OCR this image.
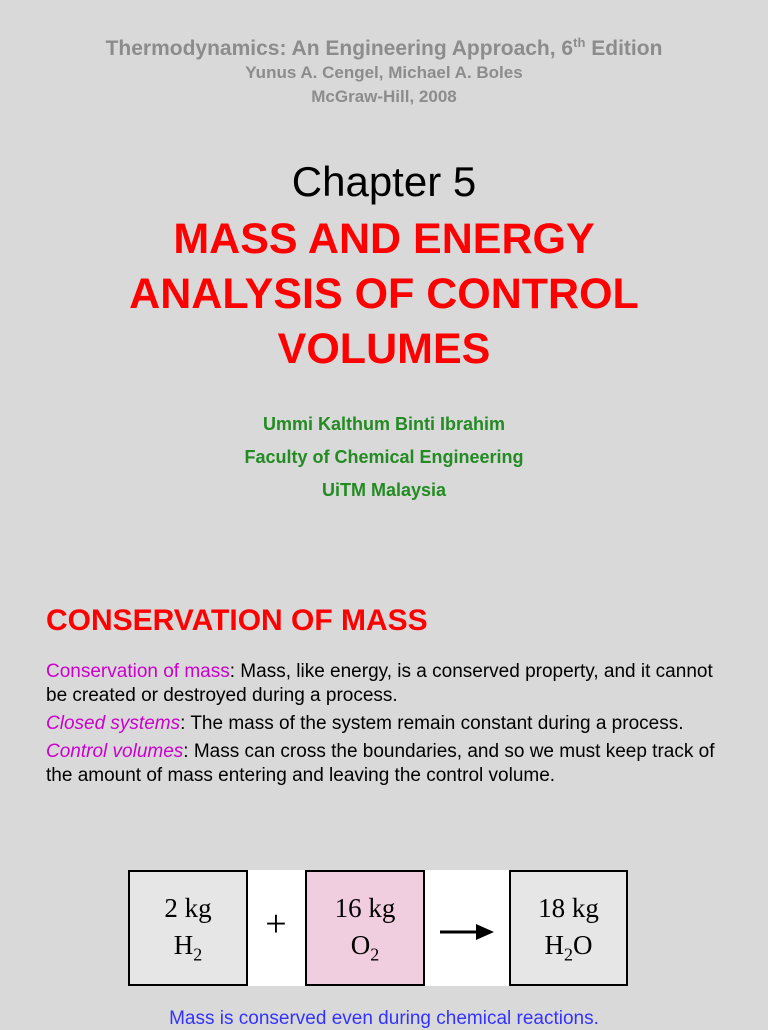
Thermodynamics: An Engineering Approach, 6th Edition
Yunus A. Cengel, Michael A. Boles
McGraw-Hill, 2008
Chapter 5
MASS AND ENERGY
ANALYSIS OF CONTROL
VOLUMES
Ummi Kalthum Binti Ibrahim
Faculty of Chemical Engineering
UiTM Malaysia
CONSERVATION OF MASS
Conservation of mass: Mass, like energy, is a conserved property, and it cannot be created or destroyed during a process.
Closed systems: The mass of the system remain constant during a process.
Control volumes: Mass can cross the boundaries, and so we must keep track of the amount of mass entering and leaving the control volume.
2 kg
$H_2$
+	16 kg
$O_2$
18 kg
$H_2O$
Mass is conserved even during chemical reactions.
